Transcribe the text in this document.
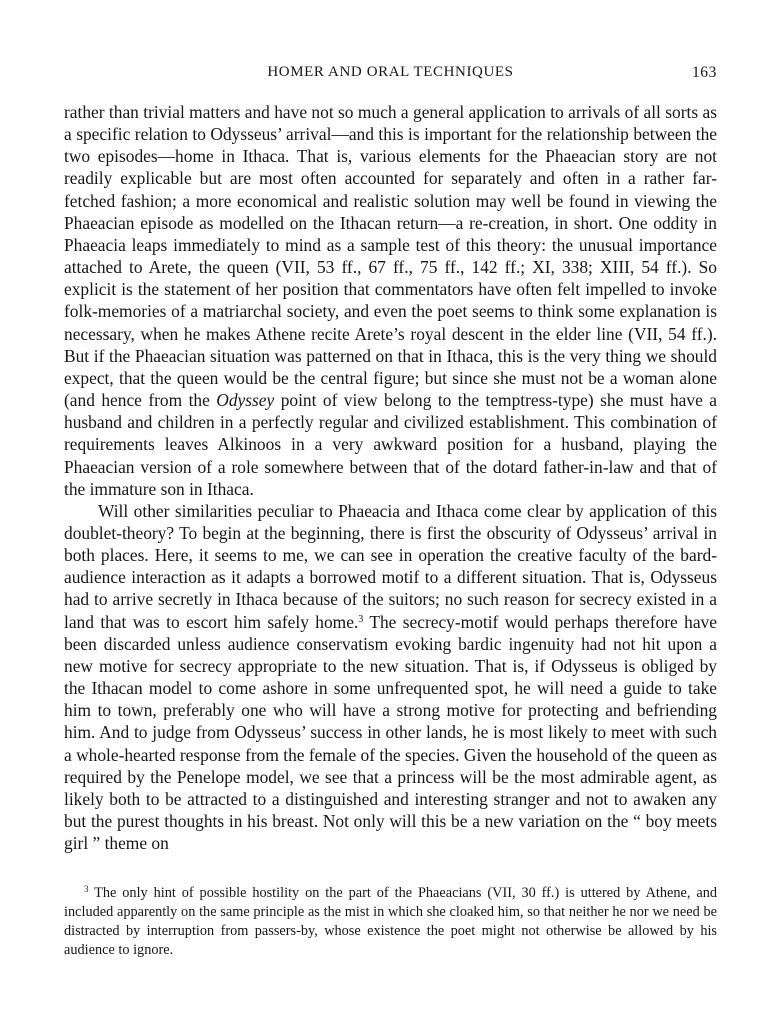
HOMER AND ORAL TECHNIQUES	163

rather than trivial matters and have not so much a general application to arrivals of all sorts as a specific relation to Odysseus’ arrival—and this is important for the relationship between the two episodes—home in Ithaca. That is, various elements for the Phaeacian story are not readily explicable but are most often accounted for separately and often in a rather far-fetched fashion; a more economical and realistic solution may well be found in viewing the Phaeacian episode as modelled on the Ithacan return—a re-creation, in short. One oddity in Phaeacia leaps immediately to mind as a sample test of this theory: the unusual importance attached to Arete, the queen (VII, 53 ff., 67 ff., 75 ff., 142 ff.; XI, 338; XIII, 54 ff.). So explicit is the statement of her position that commentators have often felt impelled to invoke folk-memories of a matriarchal society, and even the poet seems to think some explanation is necessary, when he makes Athene recite Arete’s royal descent in the elder line (VII, 54 ff.). But if the Phaeacian situation was patterned on that in Ithaca, this is the very thing we should expect, that the queen would be the central figure; but since she must not be a woman alone (and hence from the Odyssey point of view belong to the temptress-type) she must have a husband and children in a perfectly regular and civilized establishment. This combination of requirements leaves Alkinoos in a very awkward position for a husband, playing the Phaeacian version of a role somewhere between that of the dotard father-in-law and that of the immature son in Ithaca.

Will other similarities peculiar to Phaeacia and Ithaca come clear by application of this doublet-theory? To begin at the beginning, there is first the obscurity of Odysseus’ arrival in both places. Here, it seems to me, we can see in operation the creative faculty of the bard-audience interaction as it adapts a borrowed motif to a different situation. That is, Odysseus had to arrive secretly in Ithaca because of the suitors; no such reason for secrecy existed in a land that was to escort him safely home.$^3$ The secrecy-motif would perhaps therefore have been discarded unless audience conservatism evoking bardic ingenuity had not hit upon a new motive for secrecy appropriate to the new situation. That is, if Odysseus is obliged by the Ithacan model to come ashore in some unfrequented spot, he will need a guide to take him to town, preferably one who will have a strong motive for protecting and befriending him. And to judge from Odysseus’ success in other lands, he is most likely to meet with such a whole-hearted response from the female of the species. Given the household of the queen as required by the Penelope model, we see that a princess will be the most admirable agent, as likely both to be attracted to a distinguished and interesting stranger and not to awaken any but the purest thoughts in his breast. Not only will this be a new variation on the “ boy meets girl ” theme on

$^3$ The only hint of possible hostility on the part of the Phaeacians (VII, 30 ff.) is uttered by Athene, and included apparently on the same principle as the mist in which she cloaked him, so that neither he nor we need be distracted by interruption from passers-by, whose existence the poet might not otherwise be allowed by his audience to ignore.
